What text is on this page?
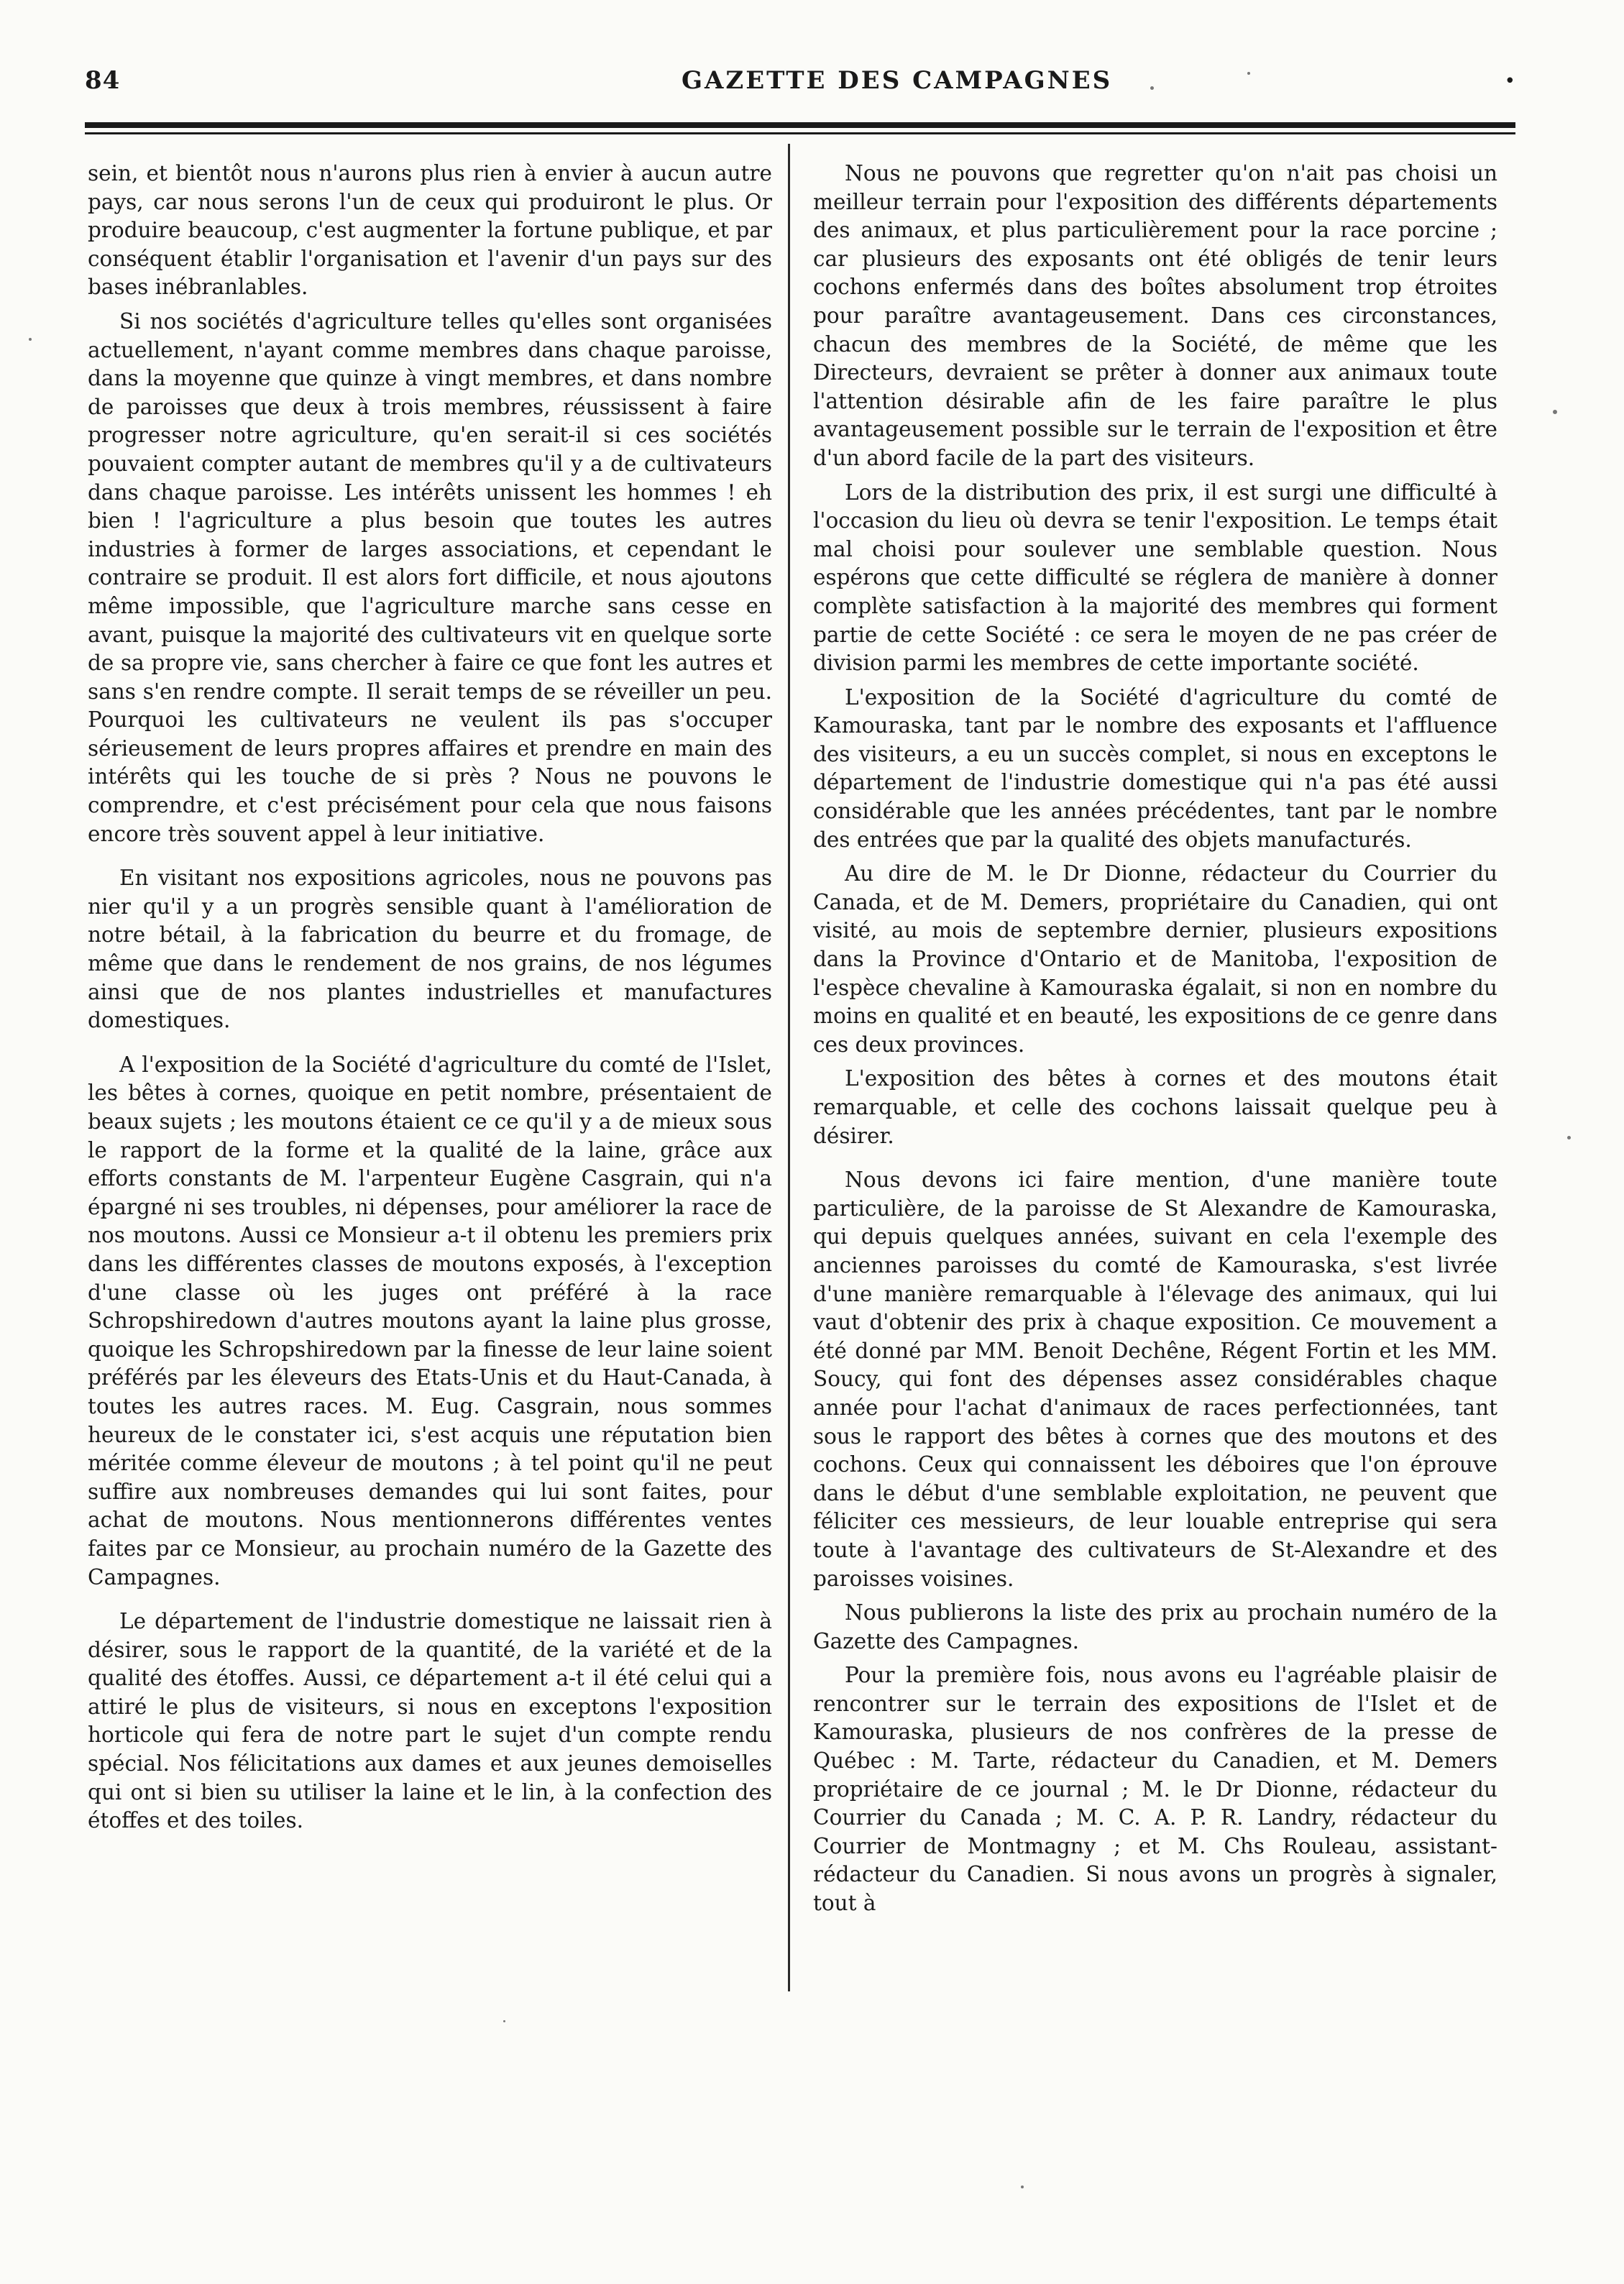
84	GAZETTE DES CAMPAGNES	•

sein, et bientôt nous n'aurons plus rien à envier à aucun autre pays, car nous serons l'un de ceux qui produiront le plus. Or produire beaucoup, c'est augmenter la fortune publique, et par conséquent établir l'organisation et l'avenir d'un pays sur des bases inébranlables.

Si nos sociétés d'agriculture telles qu'elles sont organisées actuellement, n'ayant comme membres dans chaque paroisse, dans la moyenne que quinze à vingt membres, et dans nombre de paroisses que deux à trois membres, réussissent à faire progresser notre agriculture, qu'en serait-il si ces sociétés pouvaient compter autant de membres qu'il y a de cultivateurs dans chaque paroisse. Les intérêts unissent les hommes ! eh bien ! l'agriculture a plus besoin que toutes les autres industries à former de larges associations, et cependant le contraire se produit. Il est alors fort difficile, et nous ajoutons même impossible, que l'agriculture marche sans cesse en avant, puisque la majorité des cultivateurs vit en quelque sorte de sa propre vie, sans chercher à faire ce que font les autres et sans s'en rendre compte. Il serait temps de se réveiller un peu. Pourquoi les cultivateurs ne veulent ils pas s'occuper sérieusement de leurs propres affaires et prendre en main des intérêts qui les touche de si près ? Nous ne pouvons le comprendre, et c'est précisément pour cela que nous faisons encore très souvent appel à leur initiative.

En visitant nos expositions agricoles, nous ne pouvons pas nier qu'il y a un progrès sensible quant à l'amélioration de notre bétail, à la fabrication du beurre et du fromage, de même que dans le rendement de nos grains, de nos légumes ainsi que de nos plantes industrielles et manufactures domestiques.

A l'exposition de la Société d'agriculture du comté de l'Islet, les bêtes à cornes, quoique en petit nombre, présentaient de beaux sujets ; les moutons étaient ce ce qu'il y a de mieux sous le rapport de la forme et la qualité de la laine, grâce aux efforts constants de M. l'arpenteur Eugène Casgrain, qui n'a épargné ni ses troubles, ni dépenses, pour améliorer la race de nos moutons. Aussi ce Monsieur a-t il obtenu les premiers prix dans les différentes classes de moutons exposés, à l'exception d'une classe où les juges ont préféré à la race Schropshiredown d'autres moutons ayant la laine plus grosse, quoique les Schropshiredown par la finesse de leur laine soient préférés par les éleveurs des Etats-Unis et du Haut-Canada, à toutes les autres races. M. Eug. Casgrain, nous sommes heureux de le constater ici, s'est acquis une réputation bien méritée comme éleveur de moutons ; à tel point qu'il ne peut suffire aux nombreuses demandes qui lui sont faites, pour achat de moutons. Nous mentionnerons différentes ventes faites par ce Monsieur, au prochain numéro de la Gazette des Campagnes.

Le département de l'industrie domestique ne laissait rien à désirer, sous le rapport de la quantité, de la variété et de la qualité des étoffes. Aussi, ce département a-t il été celui qui a attiré le plus de visiteurs, si nous en exceptons l'exposition horticole qui fera de notre part le sujet d'un compte rendu spécial. Nos félicitations aux dames et aux jeunes demoiselles qui ont si bien su utiliser la laine et le lin, à la confection des étoffes et des toiles.

Nous ne pouvons que regretter qu'on n'ait pas choisi un meilleur terrain pour l'exposition des différents départements des animaux, et plus particulièrement pour la race porcine ; car plusieurs des exposants ont été obligés de tenir leurs cochons enfermés dans des boîtes absolument trop étroites pour paraître avantageusement. Dans ces circonstances, chacun des membres de la Société, de même que les Directeurs, devraient se prêter à donner aux animaux toute l'attention désirable afin de les faire paraître le plus avantageusement possible sur le terrain de l'exposition et être d'un abord facile de la part des visiteurs.

Lors de la distribution des prix, il est surgi une difficulté à l'occasion du lieu où devra se tenir l'exposition. Le temps était mal choisi pour soulever une semblable question. Nous espérons que cette difficulté se réglera de manière à donner complète satisfaction à la majorité des membres qui forment partie de cette Société : ce sera le moyen de ne pas créer de division parmi les membres de cette importante société.

L'exposition de la Société d'agriculture du comté de Kamouraska, tant par le nombre des exposants et l'affluence des visiteurs, a eu un succès complet, si nous en exceptons le département de l'industrie domestique qui n'a pas été aussi considérable que les années précédentes, tant par le nombre des entrées que par la qualité des objets manufacturés.

Au dire de M. le Dr Dionne, rédacteur du Courrier du Canada, et de M. Demers, propriétaire du Canadien, qui ont visité, au mois de septembre dernier, plusieurs expositions dans la Province d'Ontario et de Manitoba, l'exposition de l'espèce chevaline à Kamouraska égalait, si non en nombre du moins en qualité et en beauté, les expositions de ce genre dans ces deux provinces.

L'exposition des bêtes à cornes et des moutons était remarquable, et celle des cochons laissait quelque peu à désirer.

Nous devons ici faire mention, d'une manière toute particulière, de la paroisse de St Alexandre de Kamouraska, qui depuis quelques années, suivant en cela l'exemple des anciennes paroisses du comté de Kamouraska, s'est livrée d'une manière remarquable à l'élevage des animaux, qui lui vaut d'obtenir des prix à chaque exposition. Ce mouvement a été donné par MM. Benoit Dechêne, Régent Fortin et les MM. Soucy, qui font des dépenses assez considérables chaque année pour l'achat d'animaux de races perfectionnées, tant sous le rapport des bêtes à cornes que des moutons et des cochons. Ceux qui connaissent les déboires que l'on éprouve dans le début d'une semblable exploitation, ne peuvent que féliciter ces messieurs, de leur louable entreprise qui sera toute à l'avantage des cultivateurs de St-Alexandre et des paroisses voisines.

Nous publierons la liste des prix au prochain numéro de la Gazette des Campagnes.

Pour la première fois, nous avons eu l'agréable plaisir de rencontrer sur le terrain des expositions de l'Islet et de Kamouraska, plusieurs de nos confrères de la presse de Québec : M. Tarte, rédacteur du Canadien, et M. Demers propriétaire de ce journal ; M. le Dr Dionne, rédacteur du Courrier du Canada ; M. C. A. P. R. Landry, rédacteur du Courrier de Montmagny ; et M. Chs Rouleau, assistant-rédacteur du Canadien. Si nous avons un progrès à signaler, tout à
